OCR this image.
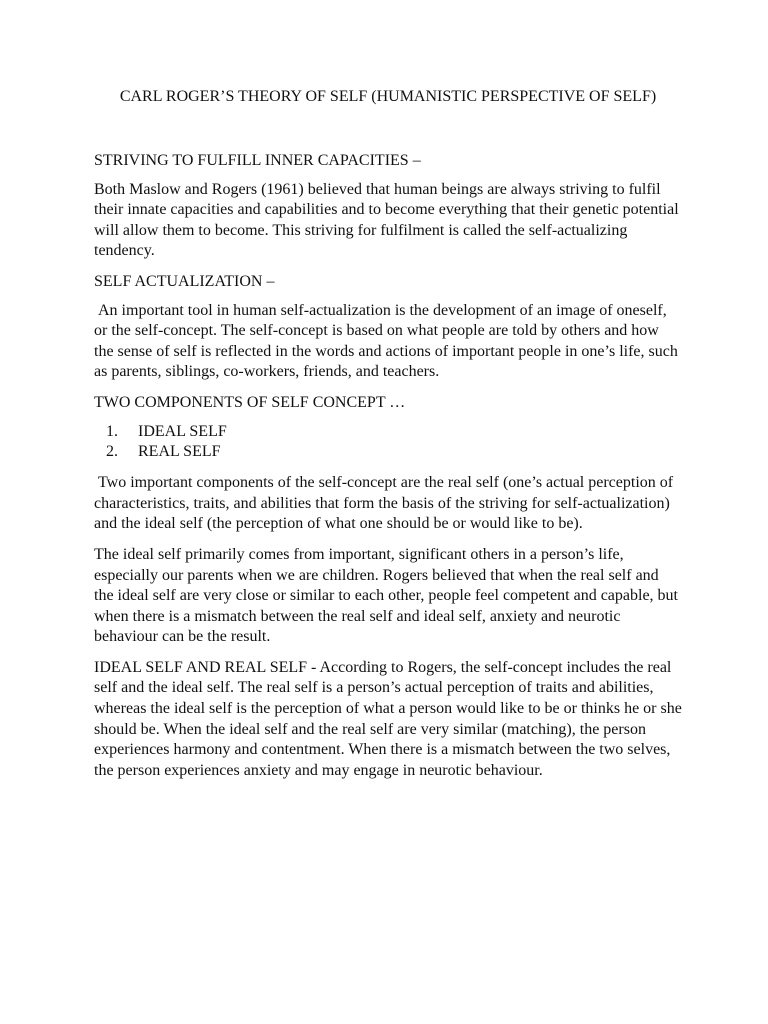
CARL ROGER’S THEORY OF SELF (HUMANISTIC PERSPECTIVE OF SELF)

STRIVING TO FULFILL INNER CAPACITIES –

Both Maslow and Rogers (1961) believed that human beings are always striving to fulfil their innate capacities and capabilities and to become everything that their genetic potential will allow them to become. This striving for fulfilment is called the self-actualizing tendency.

SELF ACTUALIZATION –

An important tool in human self-actualization is the development of an image of oneself, or the self-concept. The self-concept is based on what people are told by others and how the sense of self is reflected in the words and actions of important people in one’s life, such as parents, siblings, co-workers, friends, and teachers.

TWO COMPONENTS OF SELF CONCEPT …

1. IDEAL SELF
2. REAL SELF

Two important components of the self-concept are the real self (one’s actual perception of characteristics, traits, and abilities that form the basis of the striving for self-actualization) and the ideal self (the perception of what one should be or would like to be).

The ideal self primarily comes from important, significant others in a person’s life, especially our parents when we are children. Rogers believed that when the real self and the ideal self are very close or similar to each other, people feel competent and capable, but when there is a mismatch between the real self and ideal self, anxiety and neurotic behaviour can be the result.

IDEAL SELF AND REAL SELF - According to Rogers, the self-concept includes the real self and the ideal self. The real self is a person’s actual perception of traits and abilities, whereas the ideal self is the perception of what a person would like to be or thinks he or she should be. When the ideal self and the real self are very similar (matching), the person experiences harmony and contentment. When there is a mismatch between the two selves, the person experiences anxiety and may engage in neurotic behaviour.
